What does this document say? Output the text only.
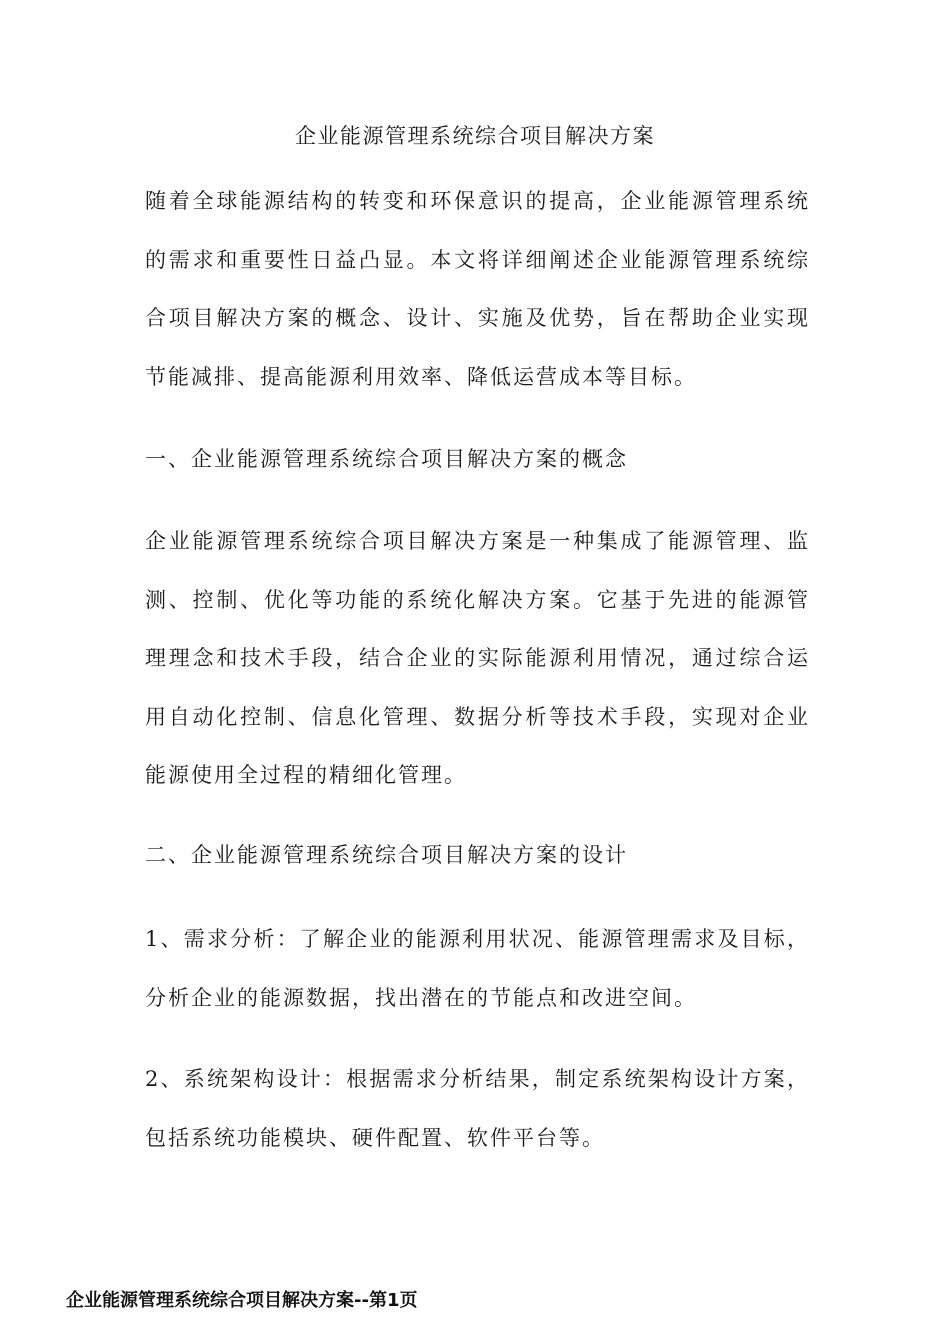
企业能源管理系统综合项目解决方案
随着全球能源结构的转变和环保意识的提高，企业能源管理系统的需求和重要性日益凸显。本文将详细阐述企业能源管理系统综合项目解决方案的概念、设计、实施及优势，旨在帮助企业实现节能减排、提高能源利用效率、降低运营成本等目标。
一、企业能源管理系统综合项目解决方案的概念
企业能源管理系统综合项目解决方案是一种集成了能源管理、监测、控制、优化等功能的系统化解决方案。它基于先进的能源管理理念和技术手段，结合企业的实际能源利用情况，通过综合运用自动化控制、信息化管理、数据分析等技术手段，实现对企业能源使用全过程的精细化管理。
二、企业能源管理系统综合项目解决方案的设计
1、需求分析：了解企业的能源利用状况、能源管理需求及目标，分析企业的能源数据，找出潜在的节能点和改进空间。
2、系统架构设计：根据需求分析结果，制定系统架构设计方案，包括系统功能模块、硬件配置、软件平台等。
企业能源管理系统综合项目解决方案--第1页
